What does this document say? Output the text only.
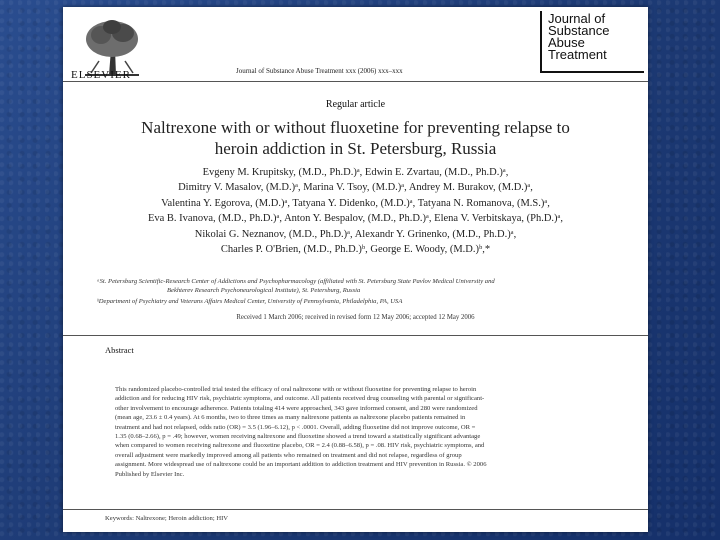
ELSEVIER	Journal of Substance Abuse Treatment xxx (2006) xxx–xxx
Journal of
Substance
Abuse
Treatment
Regular article
Naltrexone with or without fluoxetine for preventing relapse to
heroin addiction in St. Petersburg, Russia
Evgeny M. Krupitsky, (M.D., Ph.D.)ᵃ, Edwin E. Zvartau, (M.D., Ph.D.)ᵃ,
Dimitry V. Masalov, (M.D.)ᵃ, Marina V. Tsoy, (M.D.)ᵃ, Andrey M. Burakov, (M.D.)ᵃ,
Valentina Y. Egorova, (M.D.)ᵃ, Tatyana Y. Didenko, (M.D.)ᵃ, Tatyana N. Romanova, (M.S.)ᵃ,
Eva B. Ivanova, (M.D., Ph.D.)ᵃ, Anton Y. Bespalov, (M.D., Ph.D.)ᵃ, Elena V. Verbitskaya, (Ph.D.)ᵃ,
Nikolai G. Neznanov, (M.D., Ph.D.)ᵃ, Alexandr Y. Grinenko, (M.D., Ph.D.)ᵃ,
Charles P. O'Brien, (M.D., Ph.D.)ᵇ, George E. Woody, (M.D.)ᵇ,*
ᵃSt. Petersburg Scientific-Research Center of Addictions and Psychopharmacology (affiliated with St. Petersburg State Pavlov Medical University and
Bekhterev Research Psychoneurological Institute), St. Petersburg, Russia
ᵇDepartment of Psychiatry and Veterans Affairs Medical Center, University of Pennsylvania, Philadelphia, PA, USA
Received 1 March 2006; received in revised form 12 May 2006; accepted 12 May 2006
Abstract
This randomized placebo-controlled trial tested the efficacy of oral naltrexone with or without fluoxetine for preventing relapse to heroin
addiction and for reducing HIV risk, psychiatric symptoms, and outcome. All patients received drug counseling with parental or significant-
other involvement to encourage adherence. Patients totaling 414 were approached, 343 gave informed consent, and 280 were randomized
(mean age, 23.6 ± 0.4 years). At 6 months, two to three times as many naltrexone patients as naltrexone placebo patients remained in
treatment and had not relapsed, odds ratio (OR) = 3.5 (1.96–6.12), p < .0001. Overall, adding fluoxetine did not improve outcome, OR =
1.35 (0.68–2.66), p = .49; however, women receiving naltrexone and fluoxetine showed a trend toward a statistically significant advantage
when compared to women receiving naltrexone and fluoxetine placebo, OR = 2.4 (0.88–6.58), p = .08. HIV risk, psychiatric symptoms, and
overall adjustment were markedly improved among all patients who remained on treatment and did not relapse, regardless of group
assignment. More widespread use of naltrexone could be an important addition to addiction treatment and HIV prevention in Russia. © 2006
Published by Elsevier Inc.
Keywords: Naltrexone; Heroin addiction; HIV
